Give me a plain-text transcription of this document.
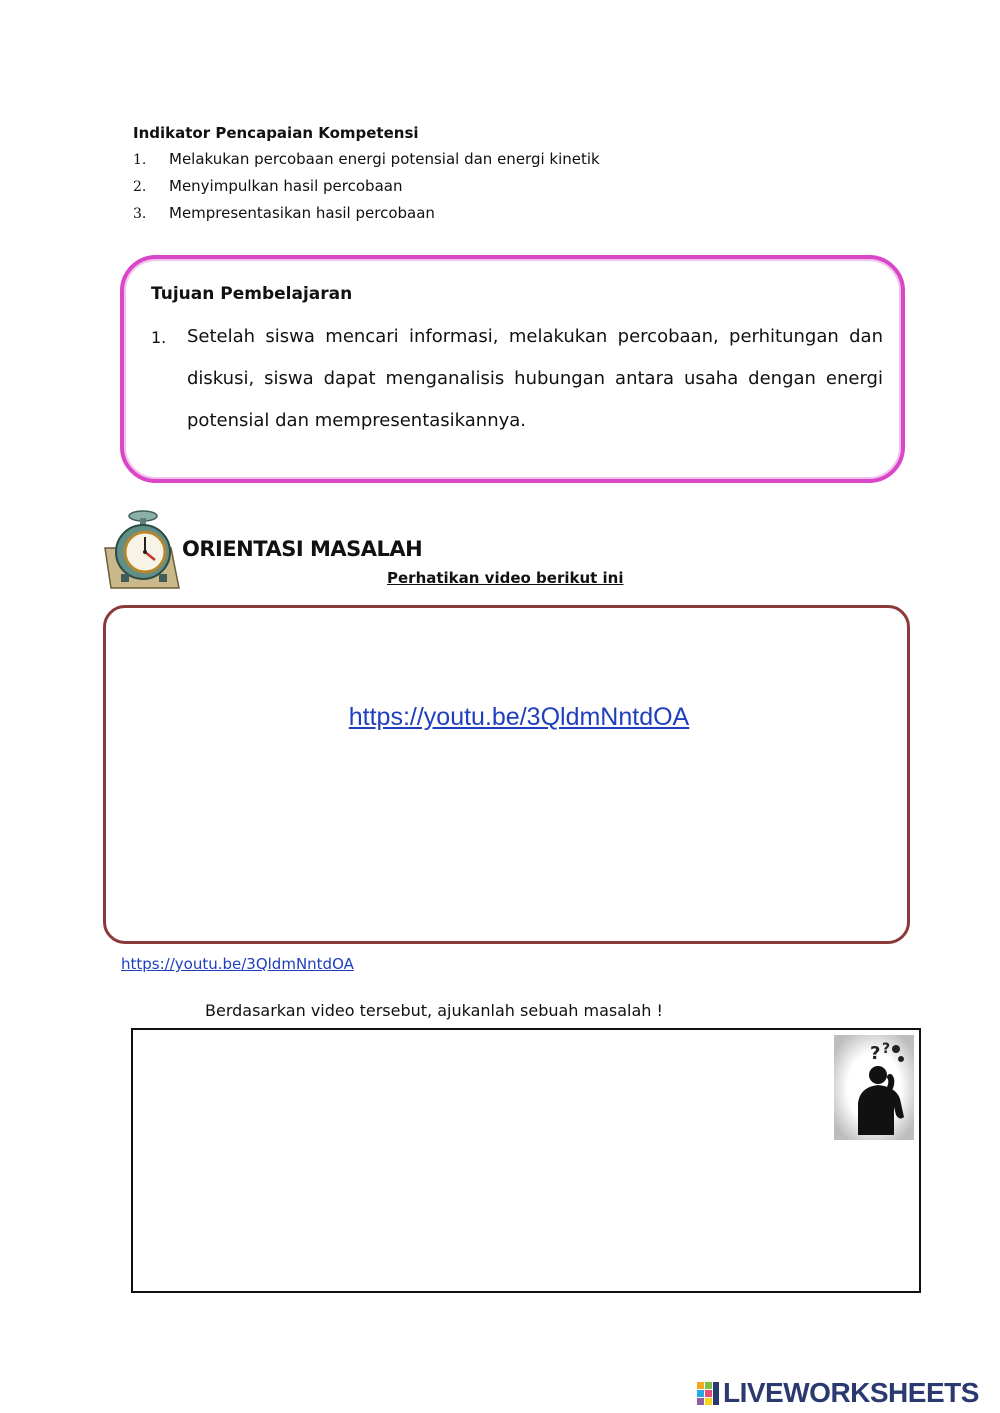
Indikator Pencapaian Kompetensi
1. Melakukan percobaan energi potensial dan energi kinetik
2. Menyimpulkan hasil percobaan
3. Mempresentasikan hasil percobaan
Tujuan Pembelajaran
1. Setelah siswa mencari informasi, melakukan percobaan, perhitungan dan diskusi, siswa dapat menganalisis hubungan antara usaha dengan energi potensial dan mempresentasikannya.
ORIENTASI MASALAH
Perhatikan video berikut ini
https://youtu.be/3QldmNntdOA
https://youtu.be/3QldmNntdOA
Berdasarkan video tersebut, ajukanlah sebuah masalah !
? ?
LIVEWORKSHEETS
